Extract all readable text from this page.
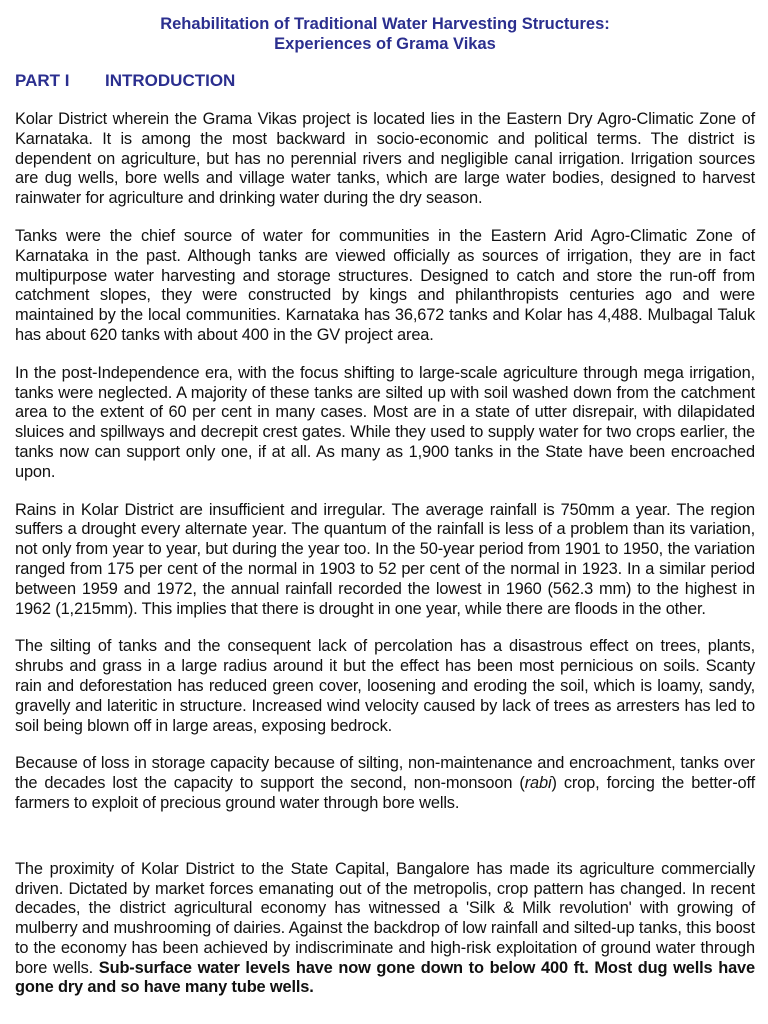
Rehabilitation of Traditional Water Harvesting Structures:
Experiences of Grama Vikas
PART I	INTRODUCTION

Kolar District wherein the Grama Vikas project is located lies in the Eastern Dry Agro-Climatic Zone of Karnataka. It is among the most backward in socio-economic and political terms. The district is dependent on agriculture, but has no perennial rivers and negligible canal irrigation. Irrigation sources are dug wells, bore wells and village water tanks, which are large water bodies, designed to harvest rainwater for agriculture and drinking water during the dry season.

Tanks were the chief source of water for communities in the Eastern Arid Agro-Climatic Zone of Karnataka in the past. Although tanks are viewed officially as sources of irrigation, they are in fact multipurpose water harvesting and storage structures. Designed to catch and store the run-off from catchment slopes, they were constructed by kings and philanthropists centuries ago and were maintained by the local communities. Karnataka has 36,672 tanks and Kolar has 4,488. Mulbagal Taluk has about 620 tanks with about 400 in the GV project area.

In the post-Independence era, with the focus shifting to large-scale agriculture through mega irrigation, tanks were neglected. A majority of these tanks are silted up with soil washed down from the catchment area to the extent of 60 per cent in many cases. Most are in a state of utter disrepair, with dilapidated sluices and spillways and decrepit crest gates. While they used to supply water for two crops earlier, the tanks now can support only one, if at all. As many as 1,900 tanks in the State have been encroached upon.

Rains in Kolar District are insufficient and irregular. The average rainfall is 750mm a year. The region suffers a drought every alternate year. The quantum of the rainfall is less of a problem than its variation, not only from year to year, but during the year too. In the 50-year period from 1901 to 1950, the variation ranged from 175 per cent of the normal in 1903 to 52 per cent of the normal in 1923. In a similar period between 1959 and 1972, the annual rainfall recorded the lowest in 1960 (562.3 mm) to the highest in 1962 (1,215mm). This implies that there is drought in one year, while there are floods in the other.

The silting of tanks and the consequent lack of percolation has a disastrous effect on trees, plants, shrubs and grass in a large radius around it but the effect has been most pernicious on soils. Scanty rain and deforestation has reduced green cover, loosening and eroding the soil, which is loamy, sandy, gravelly and lateritic in structure. Increased wind velocity caused by lack of trees as arresters has led to soil being blown off in large areas, exposing bedrock.

Because of loss in storage capacity because of silting, non-maintenance and encroachment, tanks over the decades lost the capacity to support the second, non-monsoon (rabi) crop, forcing the better-off farmers to exploit of precious ground water through bore wells.

The proximity of Kolar District to the State Capital, Bangalore has made its agriculture commercially driven. Dictated by market forces emanating out of the metropolis, crop pattern has changed. In recent decades, the district agricultural economy has witnessed a 'Silk & Milk revolution' with growing of mulberry and mushrooming of dairies. Against the backdrop of low rainfall and silted-up tanks, this boost to the economy has been achieved by indiscriminate and high-risk exploitation of ground water through bore wells. Sub-surface water levels have now gone down to below 400 ft. Most dug wells have gone dry and so have many tube wells.
